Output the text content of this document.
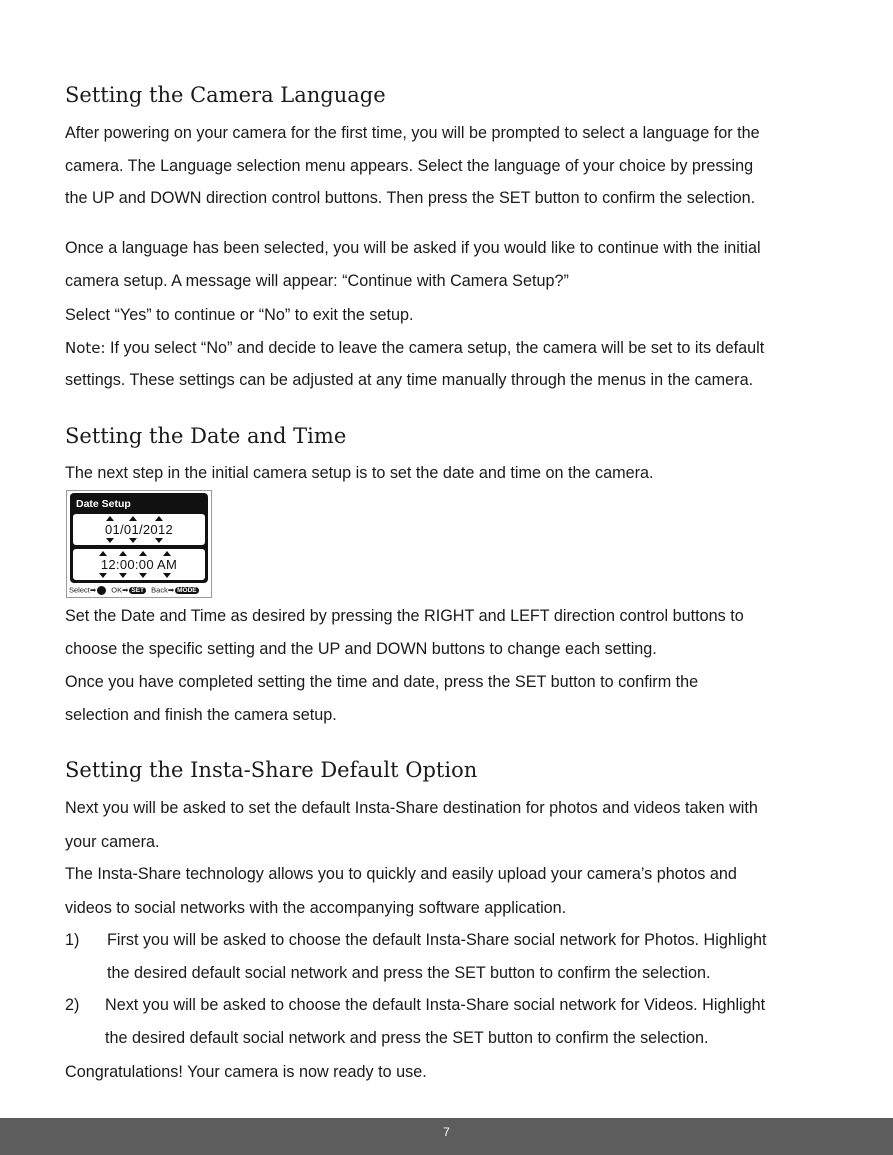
Setting the Camera Language

After powering on your camera for the first time, you will be prompted to select a language for the

camera. The Language selection menu appears. Select the language of your choice by pressing

the UP and DOWN direction control buttons. Then press the SET button to confirm the selection.

Once a language has been selected, you will be asked if you would like to continue with the initial

camera setup. A message will appear: “Continue with Camera Setup?”

Select “Yes” to continue or “No” to exit the setup.

Note: If you select “No” and decide to leave the camera setup, the camera will be set to its default

settings. These settings can be adjusted at any time manually through the menus in the camera.

Setting the Date and Time

The next step in the initial camera setup is to set the date and time on the camera.

Date Setup
01/01/2012
12:00:00 AM
Select➡ OK➡ SET Back➡ MODE

Set the Date and Time as desired by pressing the RIGHT and LEFT direction control buttons to

choose the specific setting and the UP and DOWN buttons to change each setting.

Once you have completed setting the time and date, press the SET button to confirm the

selection and finish the camera setup.

Setting the Insta-Share Default Option

Next you will be asked to set the default Insta-Share destination for photos and videos taken with

your camera.

The Insta-Share technology allows you to quickly and easily upload your camera’s photos and

videos to social networks with the accompanying software application.

1) First you will be asked to choose the default Insta-Share social network for Photos. Highlight

the desired default social network and press the SET button to confirm the selection.

2) Next you will be asked to choose the default Insta-Share social network for Videos. Highlight

the desired default social network and press the SET button to confirm the selection.

Congratulations! Your camera is now ready to use.

7
